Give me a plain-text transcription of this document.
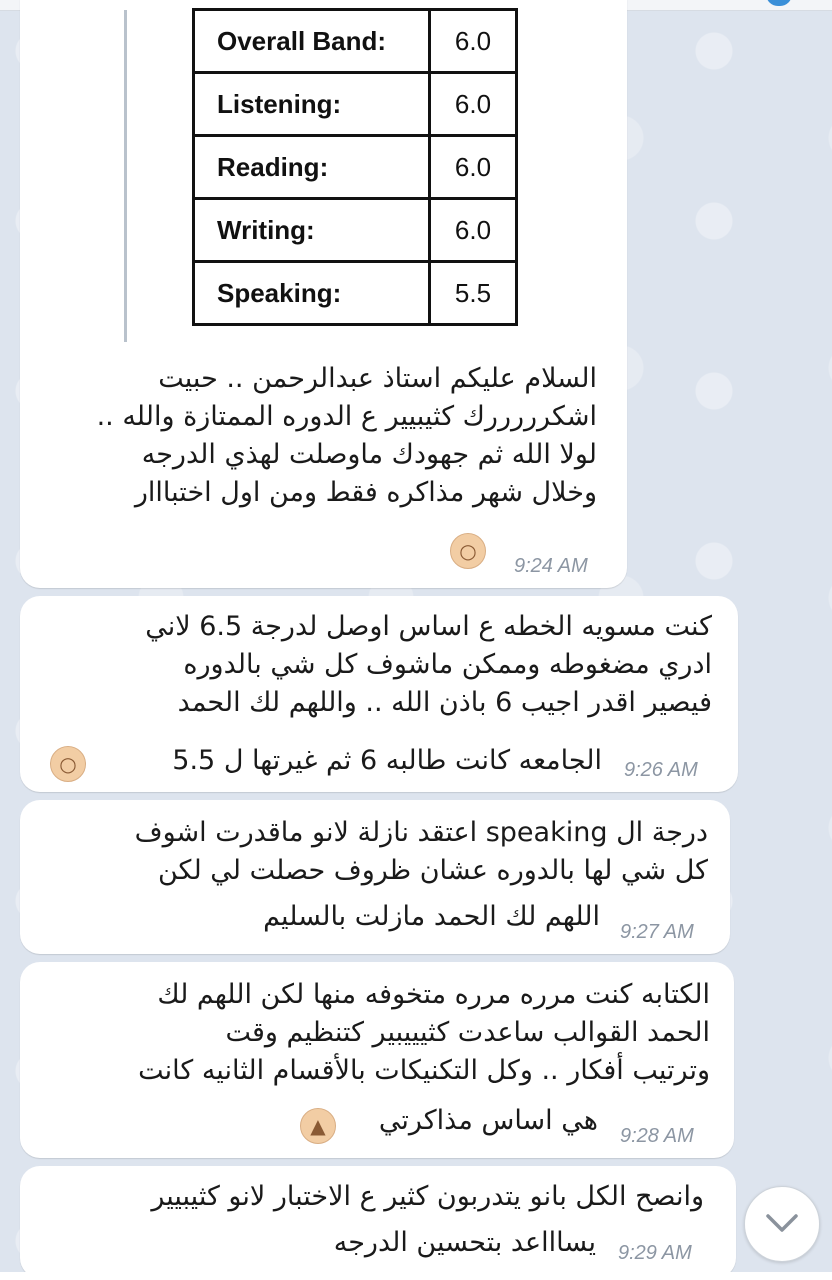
Overall Band:	6.0
Listening:	6.0
Reading:	6.0
Writing:	6.0
Speaking:	5.5
السلام عليكم استاذ عبدالرحمن .. حبيت
اشكرررررك كثيبيير ع الدوره الممتازة والله ..
لولا الله ثم جهودك ماوصلت لهذي الدرجه
وخلال شهر مذاكره فقط ومن اول اختبااار
○
9:24 AM
كنت مسويه الخطه ع اساس اوصل لدرجة 6.5 لاني
ادري مضغوطه وممكن ماشوف كل شي بالدوره
فيصير اقدر اجيب 6 باذن الله .. واللهم لك الحمد
الجامعه كانت طالبه 6 ثم غيرتها ل 5.5
○	9:26 AM
درجة ال speaking اعتقد نازلة لانو ماقدرت اشوف
كل شي لها بالدوره عشان ظروف حصلت لي لكن
اللهم لك الحمد مازلت بالسليم 9:27 AM
الكتابه كنت مرره مرره متخوفه منها لكن اللهم لك
الحمد القوالب ساعدت كثيييبير كتنظيم وقت
وترتيب أفكار .. وكل التكنيكات بالأقسام الثانيه كانت
هي اساس مذاكرتي
▲	9:28 AM
وانصح الكل بانو يتدربون كثير ع الاختبار لانو كثيبيير
يساااعد بتحسين الدرجه 9:29 AM
